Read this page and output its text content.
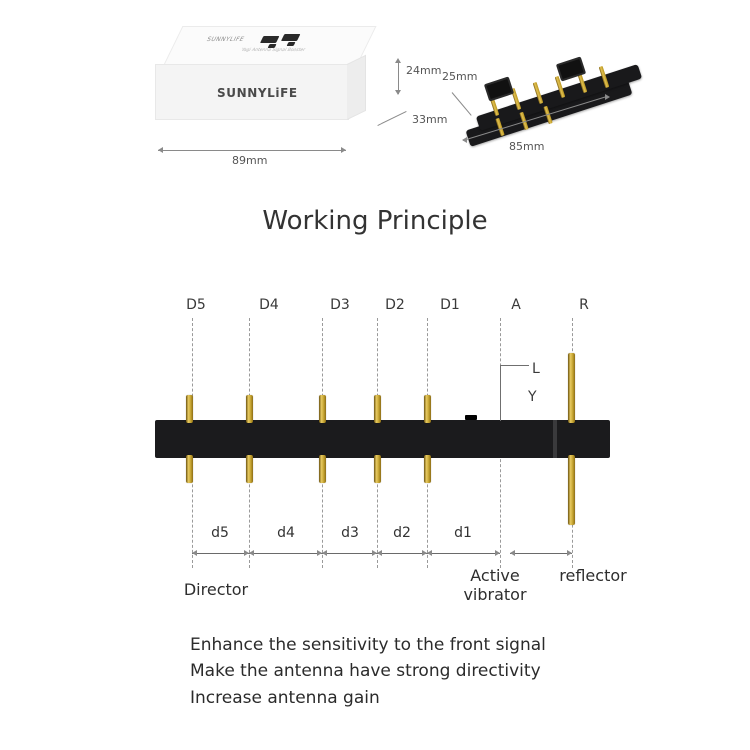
SUNNYLIFE
Yagi Antenna Signal Booster
SUNNYLiFE
89mm
24mm
33mm
85mm
25mm
Working Principle
D5	D4	D3	D2	D1	A	R
L
Y
d5	d4	d3 d2	d1
Director
Active
vibrator
reflector
Enhance the sensitivity to the front signal
Make the antenna have strong directivity
Increase antenna gain
